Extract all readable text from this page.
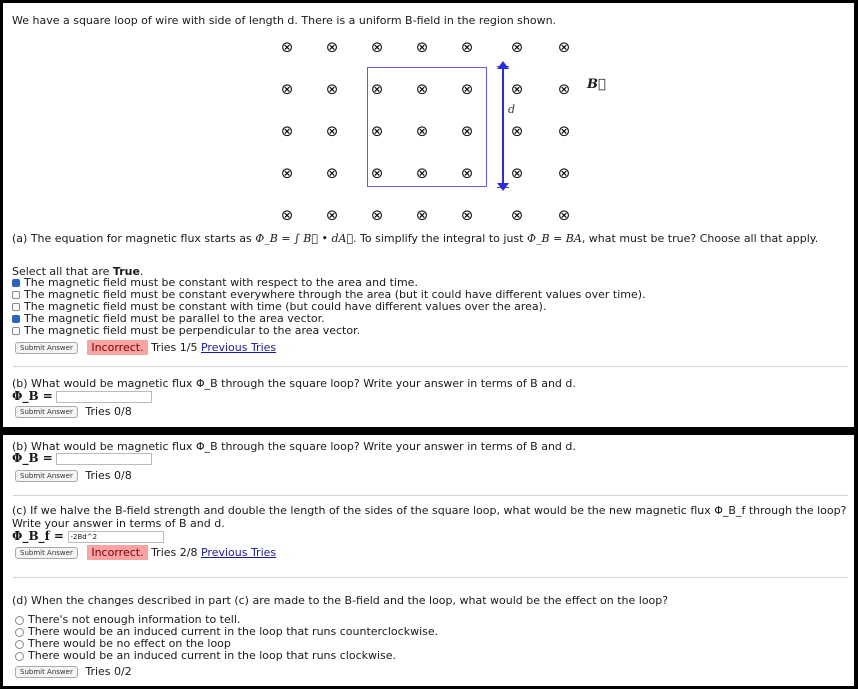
We have a square loop of wire with side of length d. There is a uniform B-field in the region shown.
⊗ ⊗ ⊗ ⊗ ⊗ ⊗ ⊗
⊗ ⊗ ⊗ ⊗ ⊗ ⊗ ⊗
⊗ ⊗ ⊗ ⊗ ⊗ ⊗ ⊗
⊗ ⊗ ⊗ ⊗ ⊗ ⊗ ⊗
⊗ ⊗ ⊗ ⊗ ⊗ ⊗ ⊗
d
B⃗
(a) The equation for magnetic flux starts as Φ_B = ∫ B⃗ • dA⃗. To simplify the integral to just Φ_B = BA, what must be true? Choose all that apply.
Select all that are True.
The magnetic field must be constant with respect to the area and time.
The magnetic field must be constant everywhere through the area (but it could have different values over time).
The magnetic field must be constant with time (but could have different values over the area).
The magnetic field must be parallel to the area vector.
The magnetic field must be perpendicular to the area vector.
Submit Answer Incorrect. Tries 1/5 Previous Tries
(b) What would be magnetic flux Φ_B through the square loop? Write your answer in terms of B and d.
Φ_B =
Submit Answer Tries 0/8
(b) What would be magnetic flux Φ_B through the square loop? Write your answer in terms of B and d.
Φ_B =
Submit Answer Tries 0/8
(c) If we halve the B-field strength and double the length of the sides of the square loop, what would be the new magnetic flux Φ_B_f through the loop?
Write your answer in terms of B and d.
Φ_B_f = -2Bd^2
Submit Answer Incorrect. Tries 2/8 Previous Tries
(d) When the changes described in part (c) are made to the B-field and the loop, what would be the effect on the loop?
There's not enough information to tell.
There would be an induced current in the loop that runs counterclockwise.
There would be no effect on the loop
There would be an induced current in the loop that runs clockwise.
Submit Answer Tries 0/2
